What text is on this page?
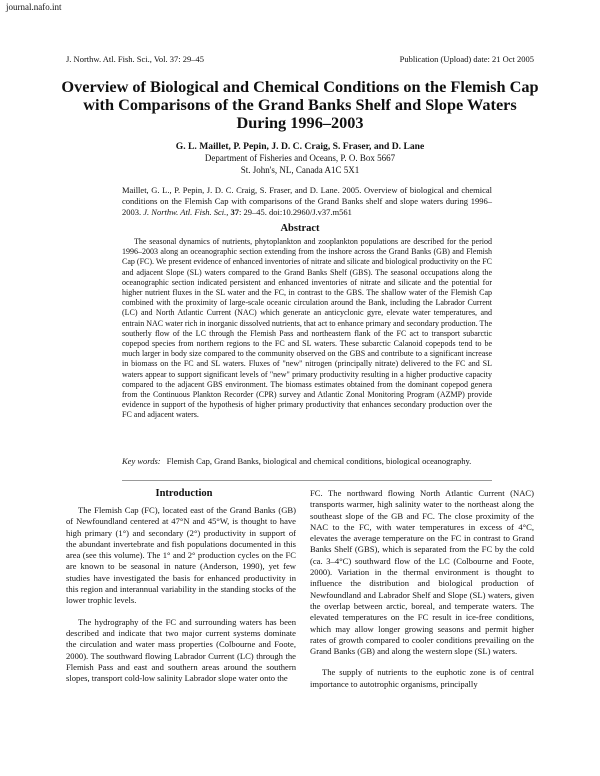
journal.nafo.int
J. Northw. Atl. Fish. Sci., Vol. 37: 29–45	Publication (Upload) date: 21 Oct 2005
Overview of Biological and Chemical Conditions on the Flemish Cap with Comparisons of the Grand Banks Shelf and Slope Waters During 1996–2003
G. L. Maillet, P. Pepin, J. D. C. Craig, S. Fraser, and D. Lane
Department of Fisheries and Oceans, P. O. Box 5667
St. John's, NL, Canada A1C 5X1
Maillet, G. L., P. Pepin, J. D. C. Craig, S. Fraser, and D. Lane. 2005. Overview of biological and chemical conditions on the Flemish Cap with comparisons of the Grand Banks shelf and slope waters during 1996–2003. J. Northw. Atl. Fish. Sci., 37: 29–45. doi:10.2960/J.v37.m561
Abstract
The seasonal dynamics of nutrients, phytoplankton and zooplankton populations are described for the period 1996–2003 along an oceanographic section extending from the inshore across the Grand Banks (GB) and Flemish Cap (FC). We present evidence of enhanced inventories of nitrate and silicate and biological productivity on the FC and adjacent Slope (SL) waters compared to the Grand Banks Shelf (GBS). The seasonal occupations along the oceanographic section indicated persistent and enhanced inventories of nitrate and silicate and the potential for higher nutrient fluxes in the SL water and the FC, in contrast to the GBS. The shallow water of the Flemish Cap combined with the proximity of large-scale oceanic circulation around the Bank, including the Labrador Current (LC) and North Atlantic Current (NAC) which generate an anticyclonic gyre, elevate water temperatures, and entrain NAC water rich in inorganic dissolved nutrients, that act to enhance primary and secondary production. The southerly flow of the LC through the Flemish Pass and northeastern flank of the FC act to transport subarctic copepod species from northern regions to the FC and SL waters. These subarctic Calanoid copepods tend to be much larger in body size compared to the community observed on the GBS and contribute to a significant increase in biomass on the FC and SL waters. Fluxes of "new" nitrogen (principally nitrate) delivered to the FC and SL waters appear to support significant levels of "new" primary productivity resulting in a higher productive capacity compared to the adjacent GBS environment. The biomass estimates obtained from the dominant copepod genera from the Continuous Plankton Recorder (CPR) survey and Atlantic Zonal Monitoring Program (AZMP) provide evidence in support of the hypothesis of higher primary productivity that enhances secondary production over the FC and adjacent waters.
Key words: Flemish Cap, Grand Banks, biological and chemical conditions, biological oceanography.
Introduction

The Flemish Cap (FC), located east of the Grand Banks (GB) of Newfoundland centered at 47°N and 45°W, is thought to have high primary (1°) and secondary (2°) productivity in support of the abundant invertebrate and fish populations documented in this area (see this volume). The 1° and 2° production cycles on the FC are known to be seasonal in nature (Anderson, 1990), yet few studies have investigated the basis for enhanced productivity in this region and interannual variability in the standing stocks of the lower trophic levels.

The hydrography of the FC and surrounding waters has been described and indicate that two major current systems dominate the circulation and water mass properties (Colbourne and Foote, 2000). The southward flowing Labrador Current (LC) through the Flemish Pass and east and southern areas around the southern slopes, transport cold-low salinity Labrador slope water onto the

FC. The northward flowing North Atlantic Current (NAC) transports warmer, high salinity water to the northeast along the southeast slope of the GB and FC. The close proximity of the NAC to the FC, with water temperatures in excess of 4°C, elevates the average temperature on the FC in contrast to Grand Banks Shelf (GBS), which is separated from the FC by the cold (ca. 3–4°C) southward flow of the LC (Colbourne and Foote, 2000). Variation in the thermal environment is thought to influence the distribution and biological production of Newfoundland and Labrador Shelf and Slope (SL) waters, given the overlap between arctic, boreal, and temperate waters. The elevated temperatures on the FC result in ice-free conditions, which may allow longer growing seasons and permit higher rates of growth compared to cooler conditions prevailing on the Grand Banks (GB) and along the western slope (SL) waters.

The supply of nutrients to the euphotic zone is of central importance to autotrophic organisms, principally
